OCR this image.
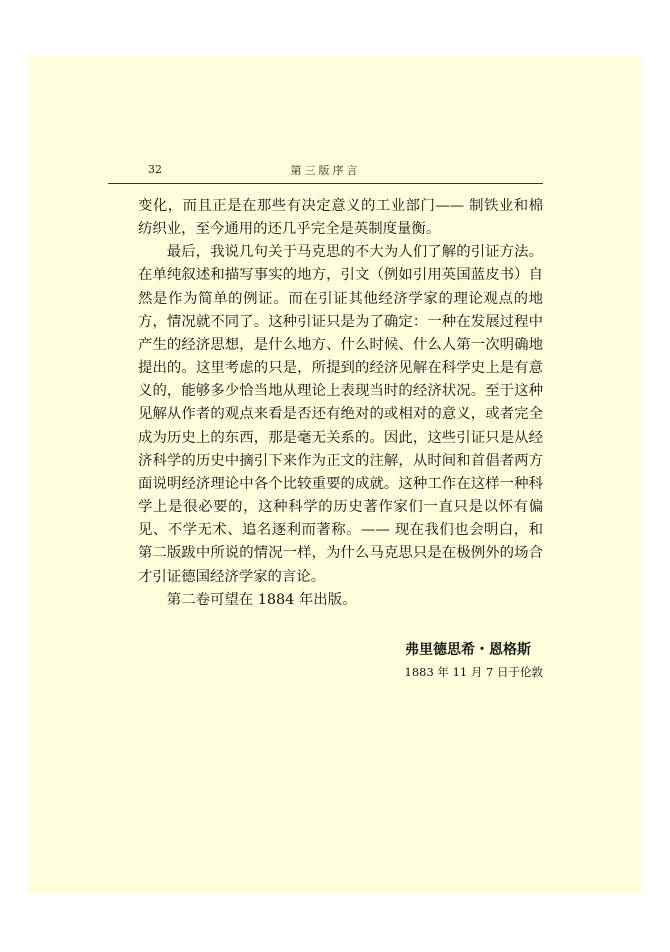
32	第三版序言

变化，而且正是在那些有决定意义的工业部门—— 制铁业和棉纺织业，至今通用的还几乎完全是英制度量衡。

最后，我说几句关于马克思的不大为人们了解的引证方法。在单纯叙述和描写事实的地方，引文（例如引用英国蓝皮书）自然是作为简单的例证。而在引证其他经济学家的理论观点的地方，情况就不同了。这种引证只是为了确定：一种在发展过程中产生的经济思想，是什么地方、什么时候、什么人第一次明确地提出的。这里考虑的只是，所提到的经济见解在科学史上是有意义的，能够多少恰当地从理论上表现当时的经济状况。至于这种见解从作者的观点来看是否还有绝对的或相对的意义，或者完全成为历史上的东西，那是毫无关系的。因此，这些引证只是从经济科学的历史中摘引下来作为正文的注解，从时间和首倡者两方面说明经济理论中各个比较重要的成就。这种工作在这样一种科学上是很必要的，这种科学的历史著作家们一直只是以怀有偏见、不学无术、追名逐利而著称。—— 现在我们也会明白，和第二版跋中所说的情况一样，为什么马克思只是在极例外的场合才引证德国经济学家的言论。

第二卷可望在 1884 年出版。

弗里德思希・恩格斯
1883 年 11 月 7 日于伦敦
